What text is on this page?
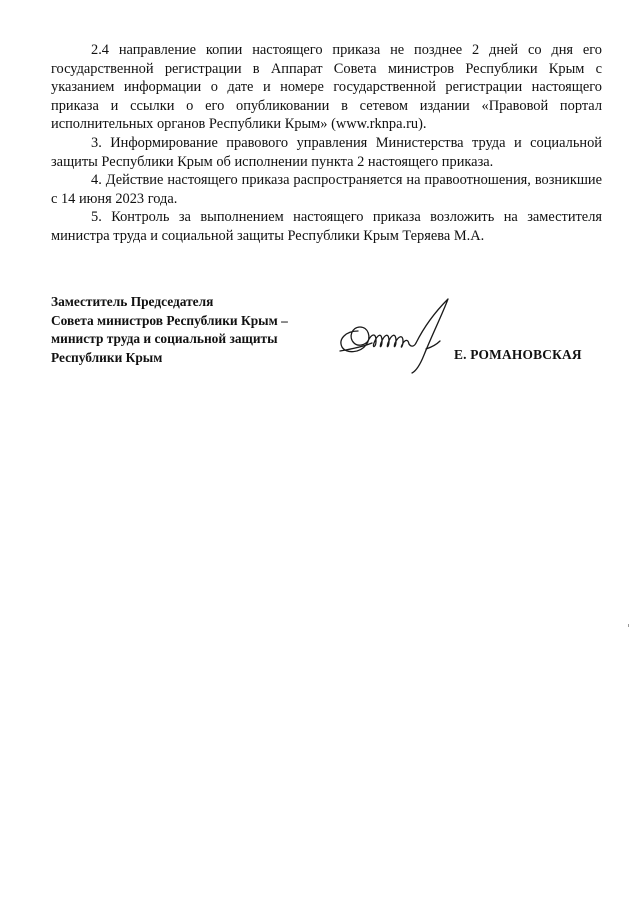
2.4 направление копии настоящего приказа не позднее 2 дней со дня его государственной регистрации в Аппарат Совета министров Республики Крым с указанием информации о дате и номере государственной регистрации настоящего приказа и ссылки о его опубликовании в сетевом издании «Правовой портал исполнительных органов Республики Крым» (www.rknpa.ru).

3. Информирование правового управления Министерства труда и социальной защиты Республики Крым об исполнении пункта 2 настоящего приказа.

4. Действие настоящего приказа распространяется на правоотношения, возникшие с 14 июня 2023 года.

5. Контроль за выполнением настоящего приказа возложить на заместителя министра труда и социальной защиты Республики Крым Теряева М.А.

Заместитель Председателя
Совета министров Республики Крым –
министр труда и социальной защиты
Республики Крым	Е. РОМАНОВСКАЯ
